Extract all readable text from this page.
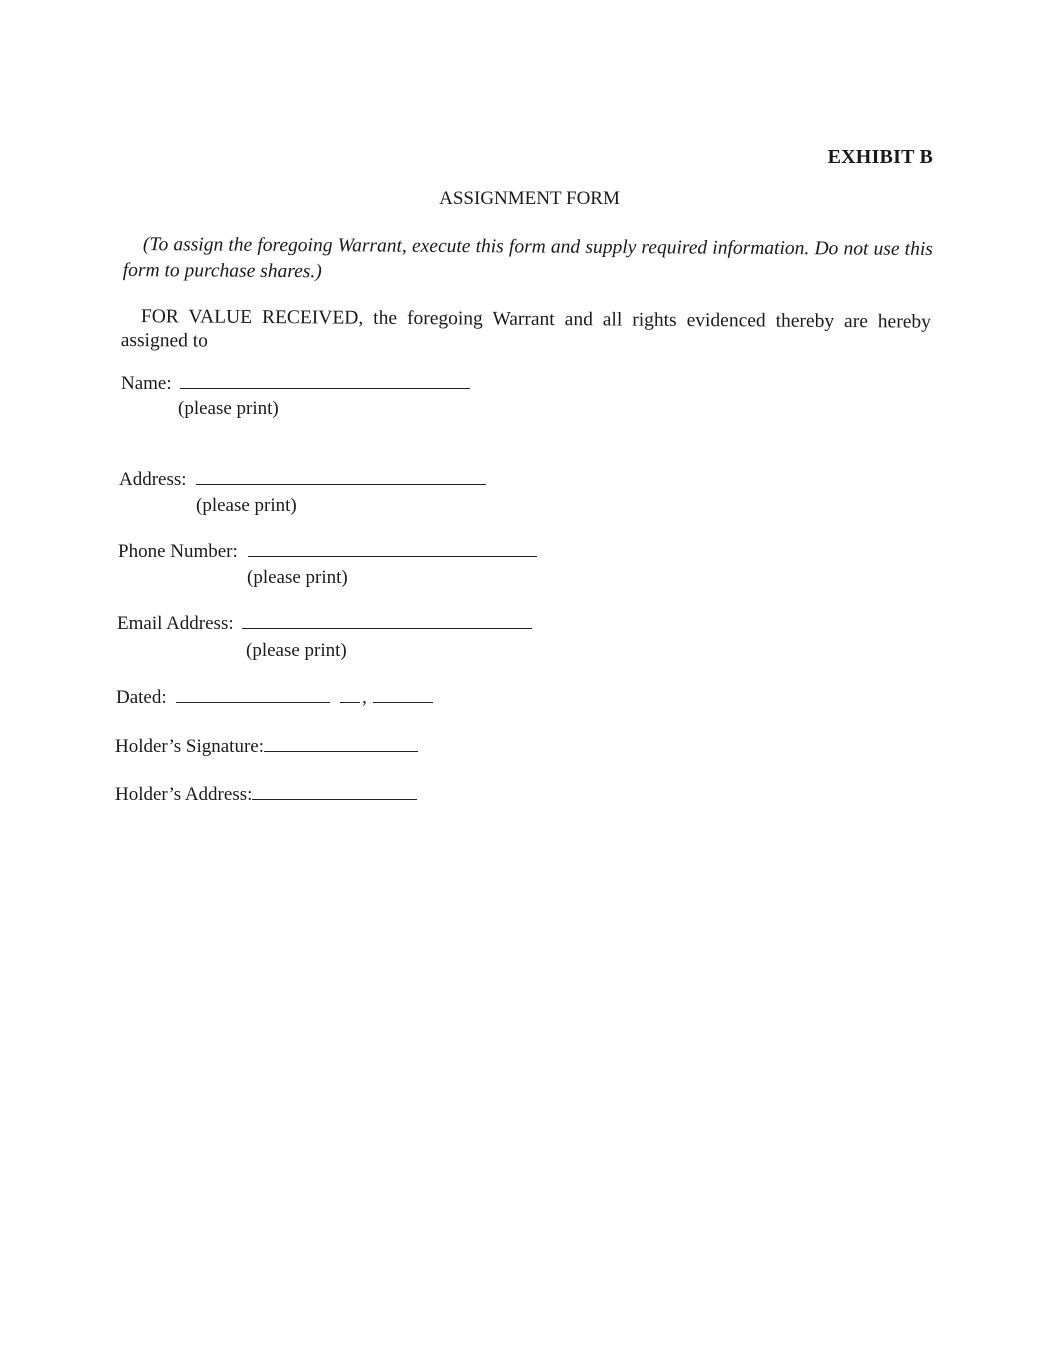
EXHIBIT B
ASSIGNMENT FORM
(To assign the foregoing Warrant, execute this form and supply required information. Do not use this form to purchase shares.)
FOR VALUE RECEIVED, the foregoing Warrant and all rights evidenced thereby are hereby assigned to
Name:
(please print)
Address:
(please print)
Phone Number:
(please print)
Email Address:
(please print)
Dated:	,
Holder’s Signature:
Holder’s Address:
